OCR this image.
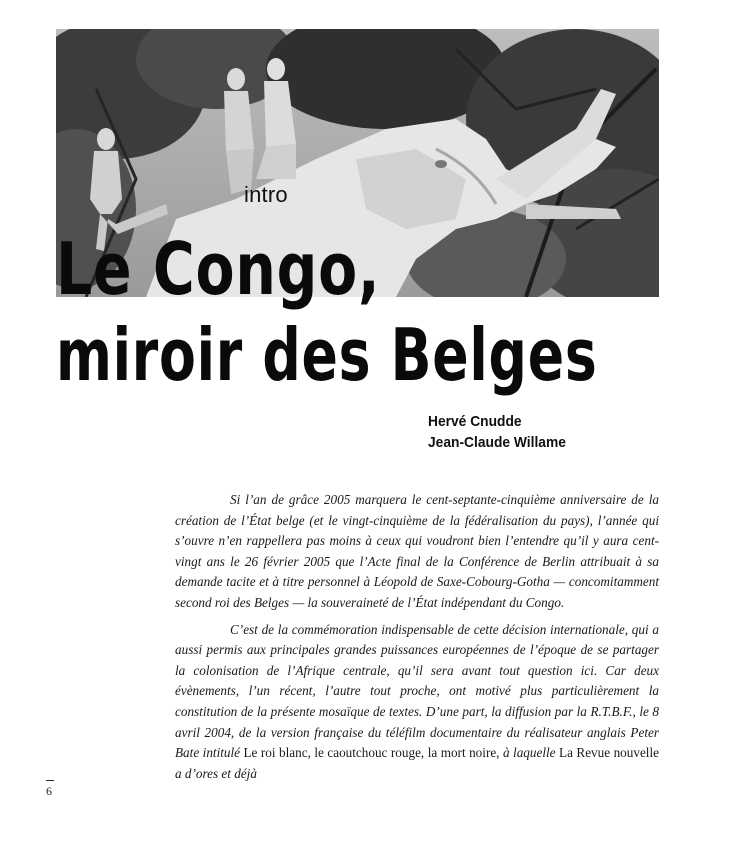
intro
Le Congo,
miroir des Belges
Hervé Cnudde
Jean-Claude Willame

Si l’an de grâce 2005 marquera le cent-septante-cinquième anniversaire de la création de l’État belge (et le vingt-cinquième de la fédéralisation du pays), l’année qui s’ouvre n’en rappellera pas moins à ceux qui voudront bien l’entendre qu’il y aura cent-vingt ans le 26 février 2005 que l’Acte final de la Conférence de Berlin attribuait à sa demande tacite et à titre personnel à Léopold de Saxe-Cobourg-Gotha — concomitamment second roi des Belges — la souveraineté de l’État indépendant du Congo.

C’est de la commémoration indispensable de cette décision internationale, qui a aussi permis aux principales grandes puissances européennes de l’époque de se partager la colonisation de l’Afrique centrale, qu’il sera avant tout question ici. Car deux évènements, l’un récent, l’autre tout proche, ont motivé plus particulièrement la constitution de la présente mosaïque de textes. D’une part, la diffusion par la R.T.B.F., le 8 avril 2004, de la version française du téléfilm documentaire du réalisateur anglais Peter Bate intitulé Le roi blanc, le caoutchouc rouge, la mort noire, à laquelle La Revue nouvelle a d’ores et déjà

6
